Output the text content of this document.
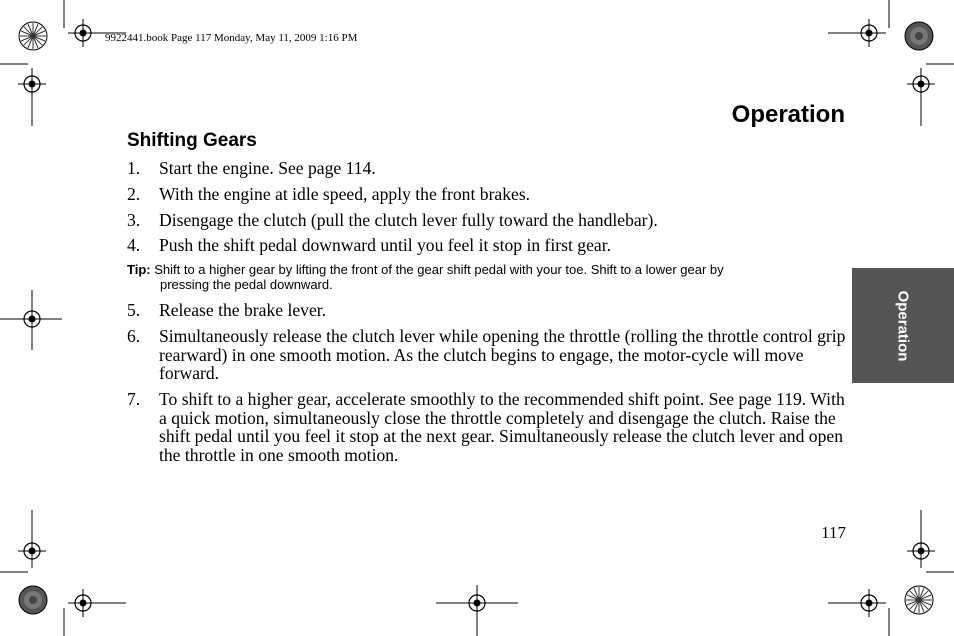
9922441.book Page 117 Monday, May 11, 2009 1:16 PM
Operation
Shifting Gears
1. Start the engine. See page 114.
2. With the engine at idle speed, apply the front brakes.
3. Disengage the clutch (pull the clutch lever fully toward the handlebar).
4. Push the shift pedal downward until you feel it stop in first gear.
Tip: Shift to a higher gear by lifting the front of the gear shift pedal with your toe. Shift to a lower gear by
pressing the pedal downward.
5. Release the brake lever.
6. Simultaneously release the clutch lever while opening the throttle (rolling the throttle control grip rearward) in one smooth motion. As the clutch begins to engage, the motor-cycle will move forward.
7. To shift to a higher gear, accelerate smoothly to the recommended shift point. See page 119. With a quick motion, simultaneously close the throttle completely and disengage the clutch. Raise the shift pedal until you feel it stop at the next gear. Simultaneously release the clutch lever and open the throttle in one smooth motion.
Operation
117
